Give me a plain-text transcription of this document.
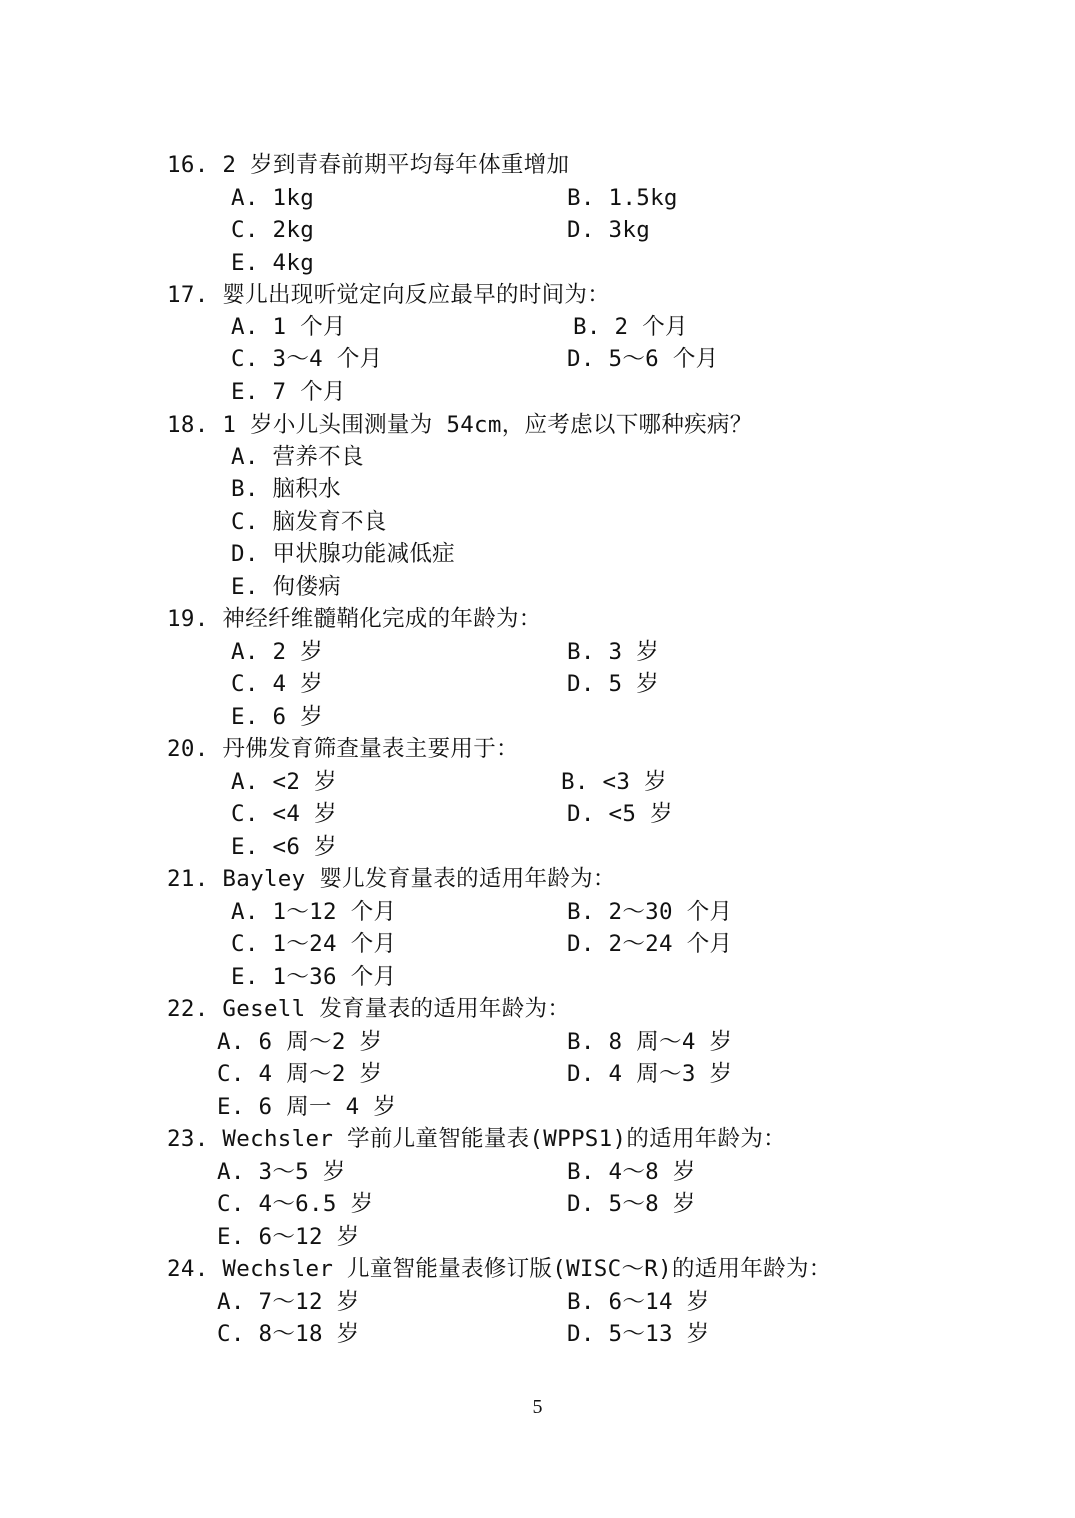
16. 2 岁到青春前期平均每年体重增加
A. 1kg	B. 1.5kg
C. 2kg	D. 3kg
E. 4kg
17. 婴儿出现听觉定向反应最早的时间为：
A. 1 个月	B. 2 个月
C. 3～4 个月	D. 5～6 个月
E. 7 个月
18. 1 岁小儿头围测量为 54cm，应考虑以下哪种疾病？
A. 营养不良
B. 脑积水
C. 脑发育不良
D. 甲状腺功能减低症
E. 佝偻病
19. 神经纤维髓鞘化完成的年龄为：
A. 2 岁	B. 3 岁
C. 4 岁	D. 5 岁
E. 6 岁
20. 丹佛发育筛查量表主要用于：
A. <2 岁	B. <3 岁
C. <4 岁	D. <5 岁
E. <6 岁
21. Bayley 婴儿发育量表的适用年龄为：
A. 1～12 个月	B. 2～30 个月
C. 1～24 个月	D. 2～24 个月
E. 1～36 个月
22. Gesell 发育量表的适用年龄为：
A. 6 周～2 岁	B. 8 周～4 岁
C. 4 周～2 岁	D. 4 周～3 岁
E. 6 周一 4 岁
23. Wechsler 学前儿童智能量表(WPPS1)的适用年龄为：
A. 3～5 岁	B. 4～8 岁
C. 4～6.5 岁	D. 5～8 岁
E. 6～12 岁
24. Wechsler 儿童智能量表修订版(WISC～R)的适用年龄为：
A. 7～12 岁	B. 6～14 岁
C. 8～18 岁	D. 5～13 岁
5
